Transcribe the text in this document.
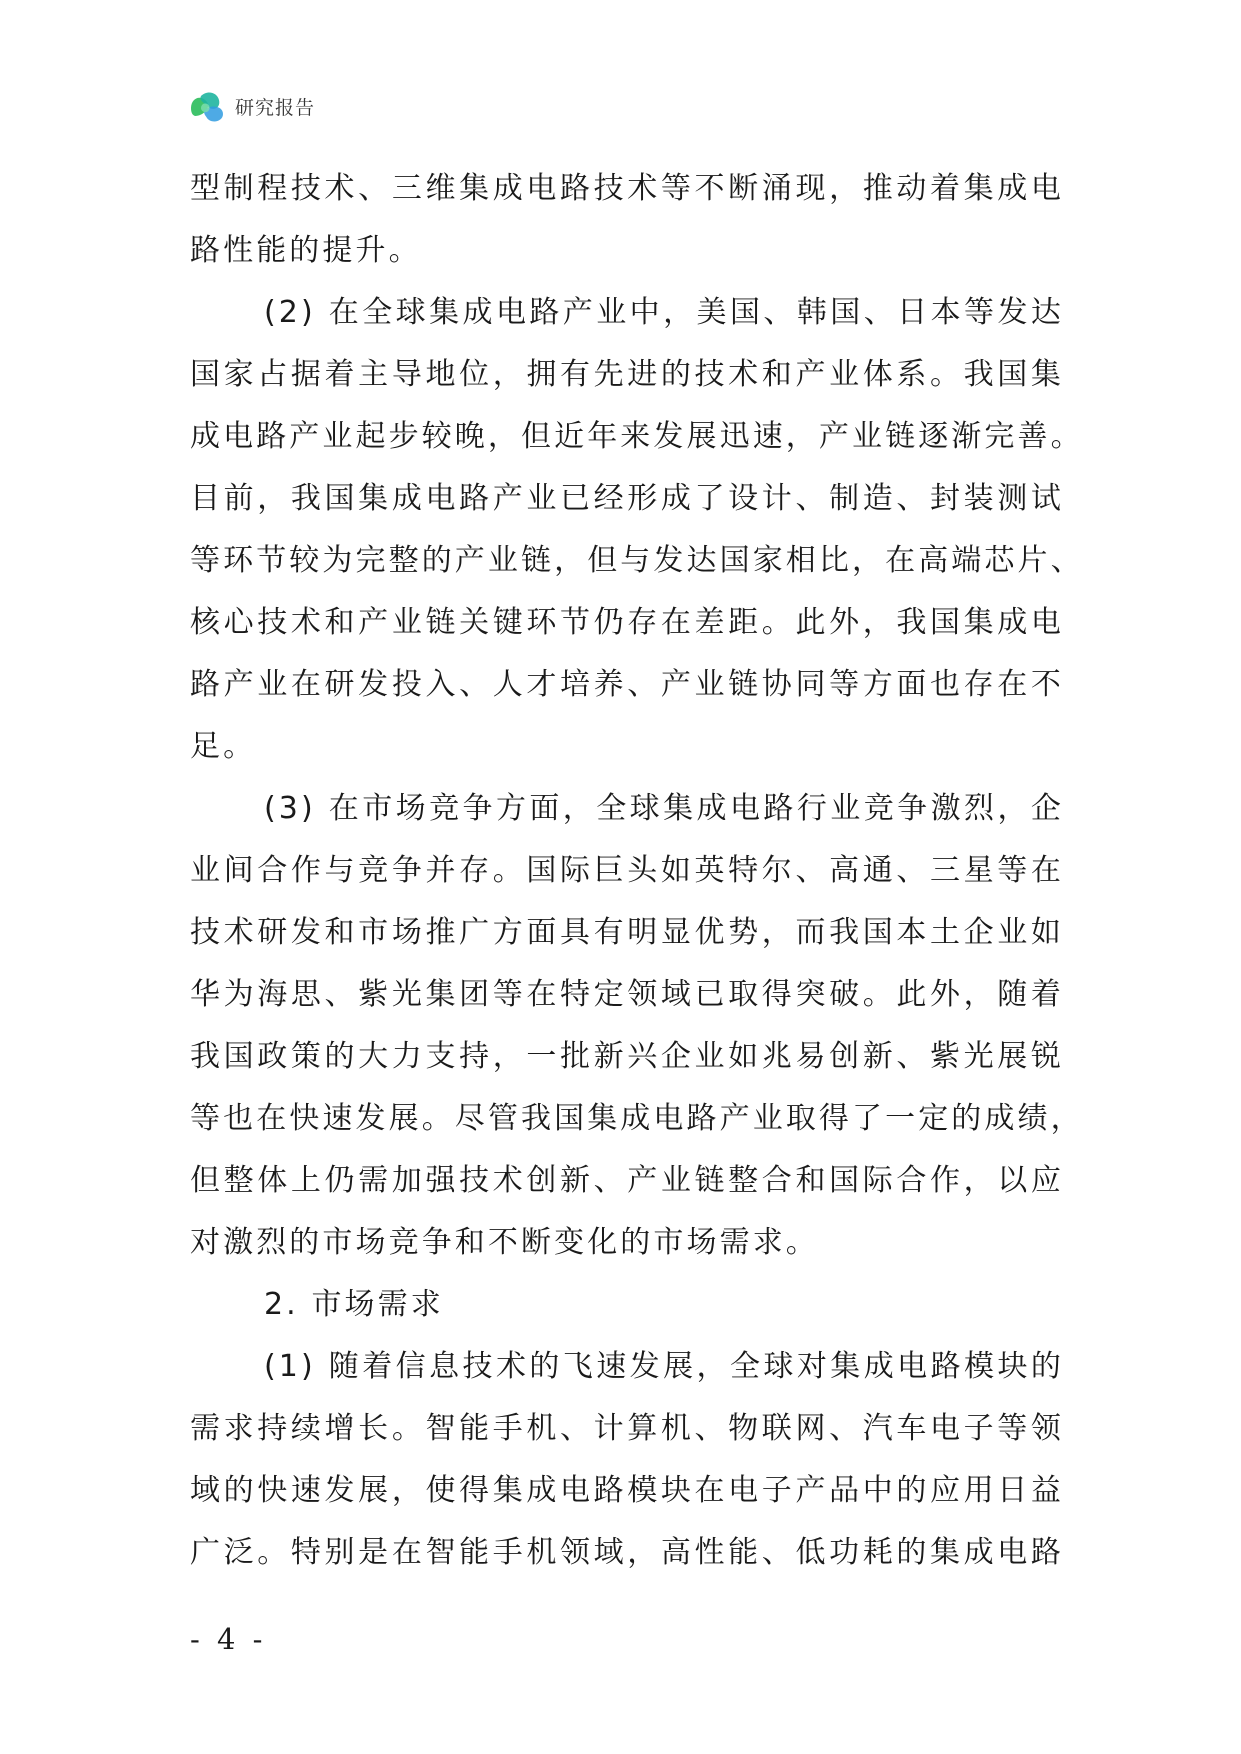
研究报告
型制程技术、三维集成电路技术等不断涌现，推动着集成电
路性能的提升。
(2) 在全球集成电路产业中，美国、韩国、日本等发达
国家占据着主导地位，拥有先进的技术和产业体系。我国集
成电路产业起步较晚，但近年来发展迅速，产业链逐渐完善。
目前，我国集成电路产业已经形成了设计、制造、封装测试
等环节较为完整的产业链，但与发达国家相比，在高端芯片、
核心技术和产业链关键环节仍存在差距。此外，我国集成电
路产业在研发投入、人才培养、产业链协同等方面也存在不
足。
(3) 在市场竞争方面，全球集成电路行业竞争激烈，企
业间合作与竞争并存。国际巨头如英特尔、高通、三星等在
技术研发和市场推广方面具有明显优势，而我国本土企业如
华为海思、紫光集团等在特定领域已取得突破。此外，随着
我国政策的大力支持，一批新兴企业如兆易创新、紫光展锐
等也在快速发展。尽管我国集成电路产业取得了一定的成绩，
但整体上仍需加强技术创新、产业链整合和国际合作，以应
对激烈的市场竞争和不断变化的市场需求。
2. 市场需求
(1) 随着信息技术的飞速发展，全球对集成电路模块的
需求持续增长。智能手机、计算机、物联网、汽车电子等领
域的快速发展，使得集成电路模块在电子产品中的应用日益
广泛。特别是在智能手机领域，高性能、低功耗的集成电路
- 4 -
